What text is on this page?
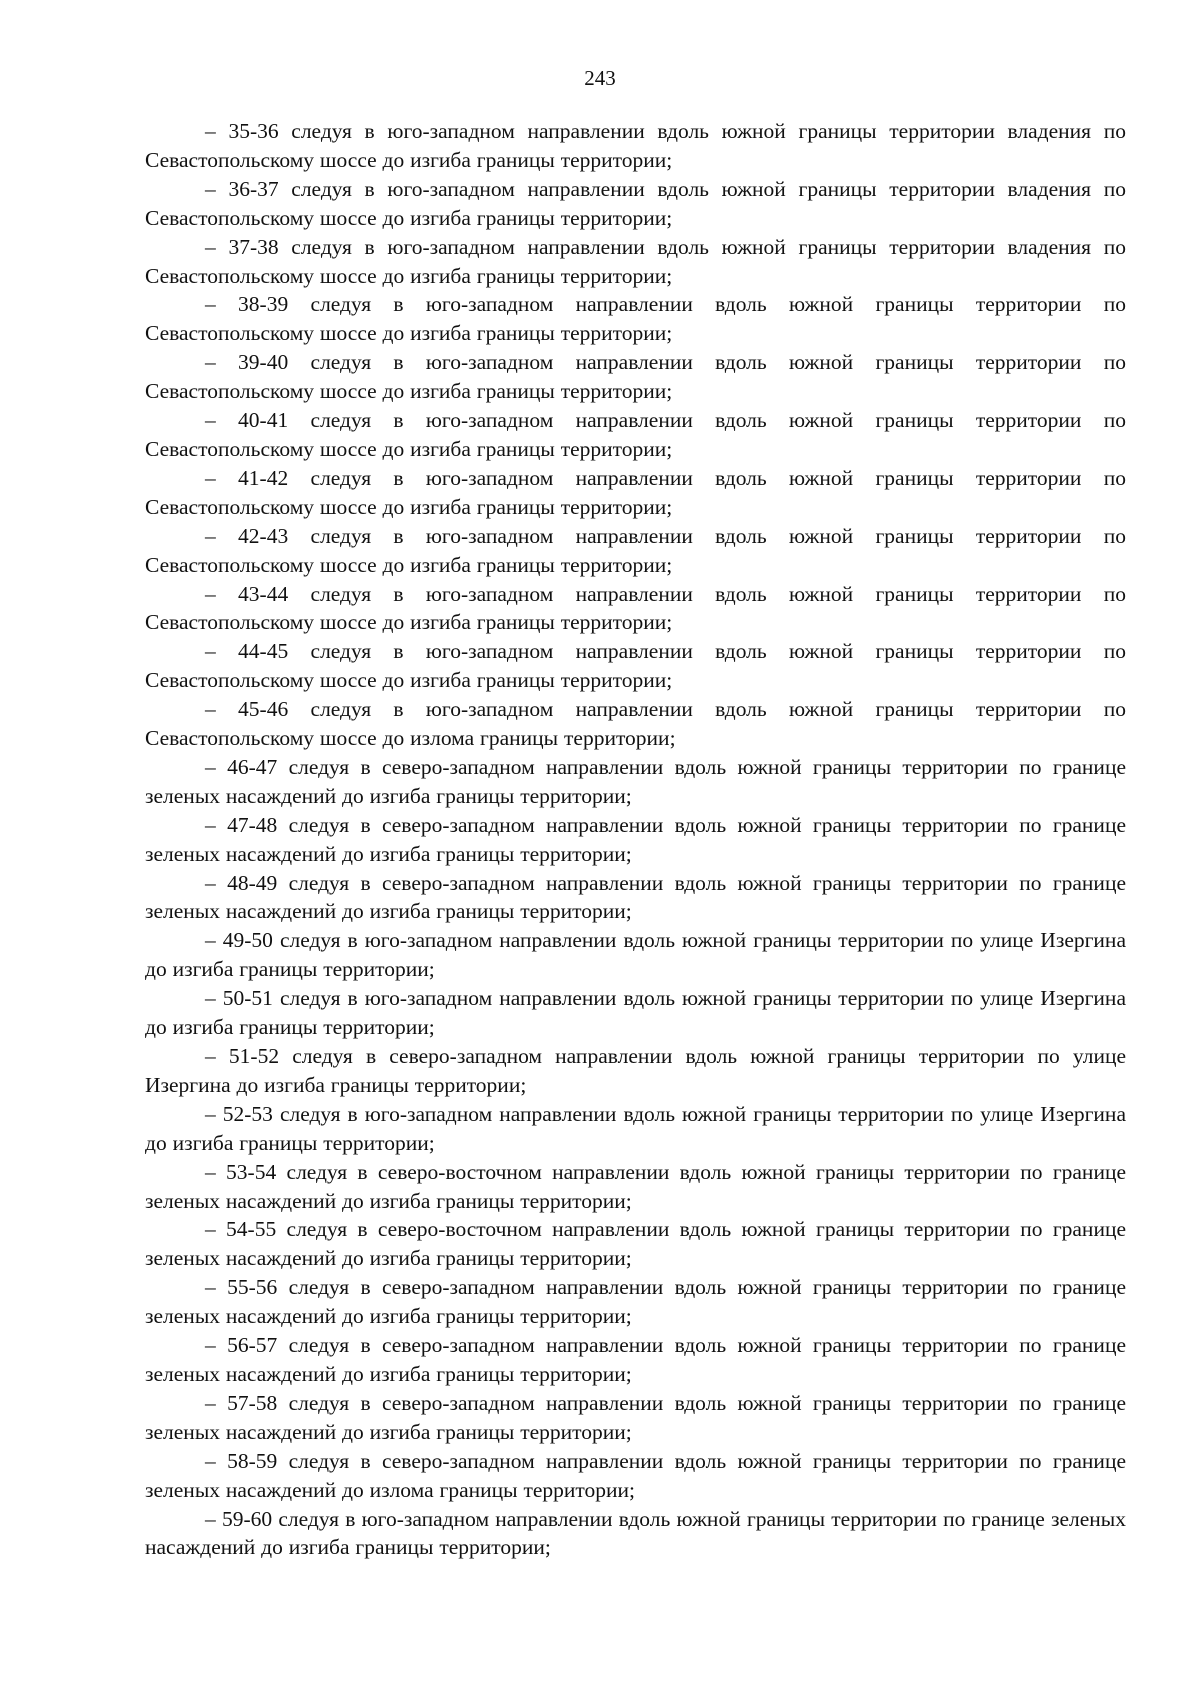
243

– 35-36 следуя в юго-западном направлении вдоль южной границы территории владения по Севастопольскому шоссе до изгиба границы территории;

– 36-37 следуя в юго-западном направлении вдоль южной границы территории владения по Севастопольскому шоссе до изгиба границы территории;

– 37-38 следуя в юго-западном направлении вдоль южной границы территории владения по Севастопольскому шоссе до изгиба границы территории;

– 38-39 следуя в юго-западном направлении вдоль южной границы территории по Севастопольскому шоссе до изгиба границы территории;

– 39-40 следуя в юго-западном направлении вдоль южной границы территории по Севастопольскому шоссе до изгиба границы территории;

– 40-41 следуя в юго-западном направлении вдоль южной границы территории по Севастопольскому шоссе до изгиба границы территории;

– 41-42 следуя в юго-западном направлении вдоль южной границы территории по Севастопольскому шоссе до изгиба границы территории;

– 42-43 следуя в юго-западном направлении вдоль южной границы территории по Севастопольскому шоссе до изгиба границы территории;

– 43-44 следуя в юго-западном направлении вдоль южной границы территории по Севастопольскому шоссе до изгиба границы территории;

– 44-45 следуя в юго-западном направлении вдоль южной границы территории по Севастопольскому шоссе до изгиба границы территории;

– 45-46 следуя в юго-западном направлении вдоль южной границы территории по Севастопольскому шоссе до излома границы территории;

– 46-47 следуя в северо-западном направлении вдоль южной границы территории по границе зеленых насаждений до изгиба границы территории;

– 47-48 следуя в северо-западном направлении вдоль южной границы территории по границе зеленых насаждений до изгиба границы территории;

– 48-49 следуя в северо-западном направлении вдоль южной границы территории по границе зеленых насаждений до изгиба границы территории;

– 49-50 следуя в юго-западном направлении вдоль южной границы территории по улице Изергина до изгиба границы территории;

– 50-51 следуя в юго-западном направлении вдоль южной границы территории по улице Изергина до изгиба границы территории;

– 51-52 следуя в северо-западном направлении вдоль южной границы территории по улице Изергина до изгиба границы территории;

– 52-53 следуя в юго-западном направлении вдоль южной границы территории по улице Изергина до изгиба границы территории;

– 53-54 следуя в северо-восточном направлении вдоль южной границы территории по границе зеленых насаждений до изгиба границы территории;

– 54-55 следуя в северо-восточном направлении вдоль южной границы территории по границе зеленых насаждений до изгиба границы территории;

– 55-56 следуя в северо-западном направлении вдоль южной границы территории по границе зеленых насаждений до изгиба границы территории;

– 56-57 следуя в северо-западном направлении вдоль южной границы территории по границе зеленых насаждений до изгиба границы территории;

– 57-58 следуя в северо-западном направлении вдоль южной границы территории по границе зеленых насаждений до изгиба границы территории;

– 58-59 следуя в северо-западном направлении вдоль южной границы территории по границе зеленых насаждений до излома границы территории;

– 59-60 следуя в юго-западном направлении вдоль южной границы территории по границе зеленых насаждений до изгиба границы территории;
